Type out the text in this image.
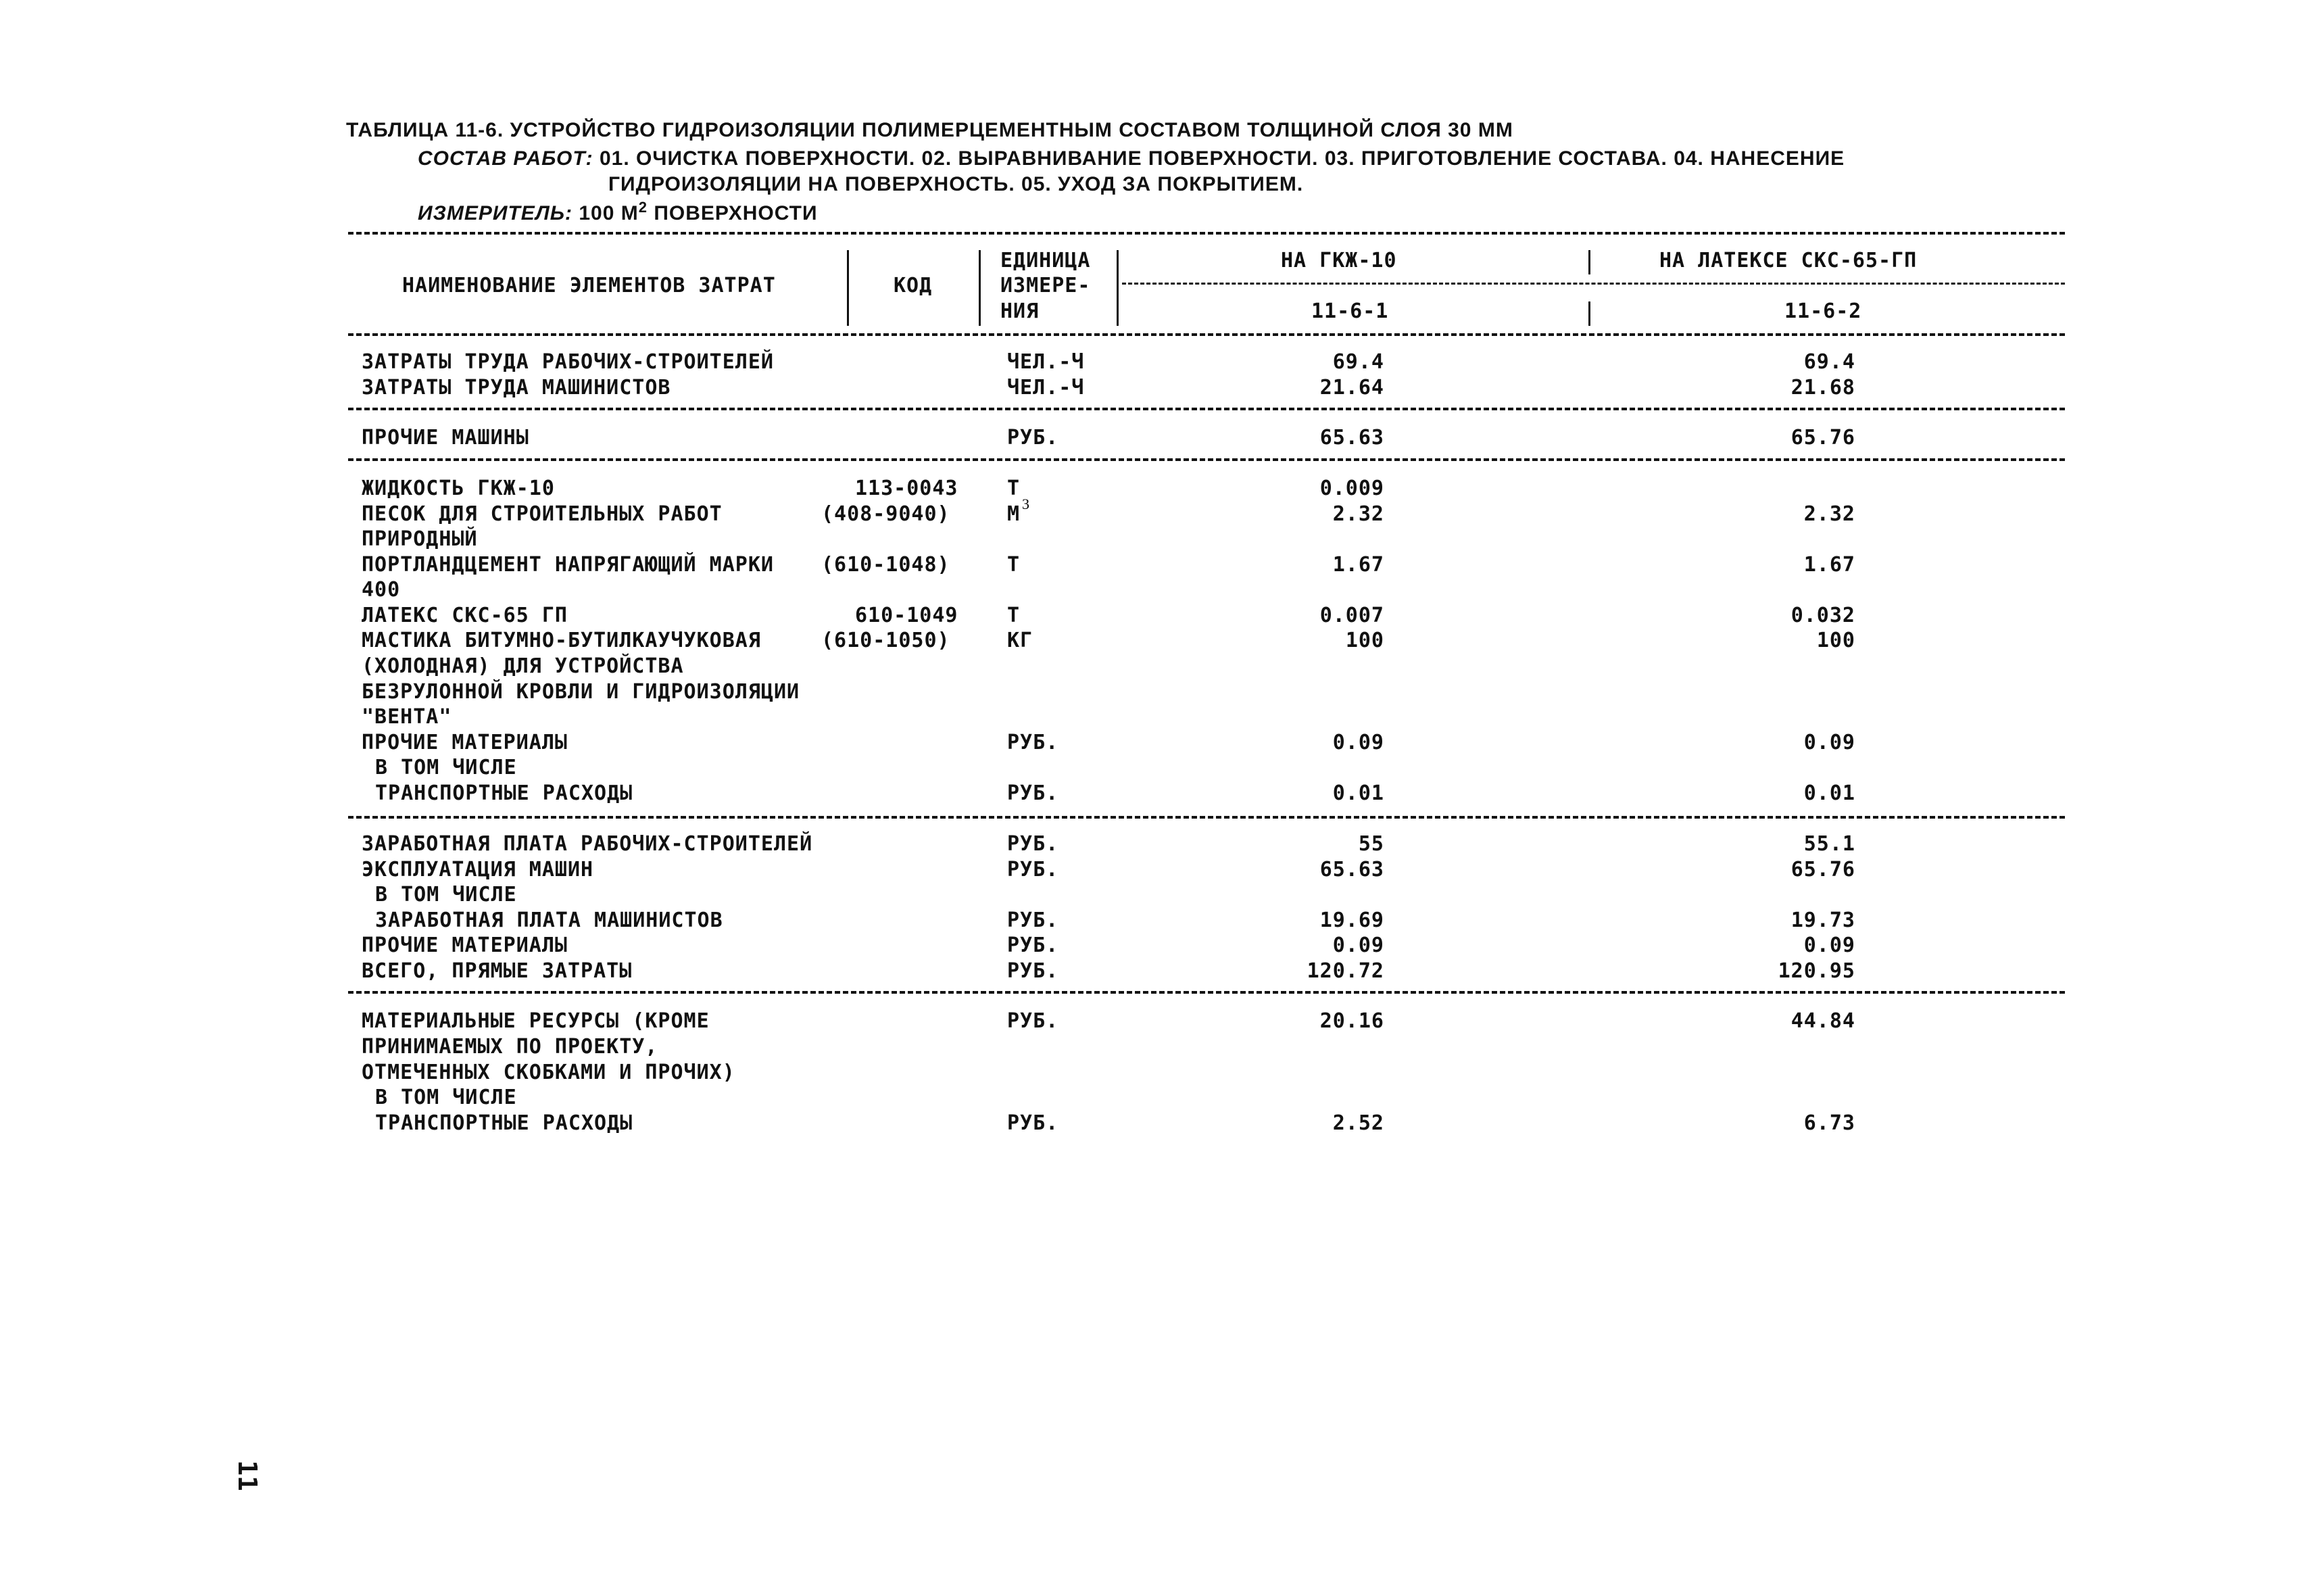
ТАБЛИЦА 11-6. УСТРОЙСТВО ГИДРОИЗОЛЯЦИИ ПОЛИМЕРЦЕМЕНТНЫМ СОСТАВОМ ТОЛЩИНОЙ СЛОЯ 30 ММ
СОСТАВ РАБОТ: 01. ОЧИСТКА ПОВЕРХНОСТИ. 02. ВЫРАВНИВАНИЕ ПОВЕРХНОСТИ. 03. ПРИГОТОВЛЕНИЕ СОСТАВА. 04. НАНЕСЕНИЕ
ГИДРОИЗОЛЯЦИИ НА ПОВЕРХНОСТЬ. 05. УХОД ЗА ПОКРЫТИЕМ.
ИЗМЕРИТЕЛЬ: 100 $М^2$ ПОВЕРХНОСТИ
НАИМЕНОВАНИЕ ЭЛЕМЕНТОВ ЗАТРАТ	КОД
ЕДИНИЦА
ИЗМЕРЕ-
НИЯ
НА ГКЖ-10	НА ЛАТЕКСЕ СКС-65-ГП
11-6-1	11-6-2
ЗАТРАТЫ ТРУДА РАБОЧИХ-СТРОИТЕЛЕЙ	ЧЕЛ.-Ч	69.4	69.4
ЗАТРАТЫ ТРУДА МАШИНИСТОВ	ЧЕЛ.-Ч	21.64	21.68
ПРОЧИЕ МАШИНЫ	РУБ.	65.63	65.76
ЖИДКОСТЬ ГКЖ-10	113-0043 Т	0.009
ПЕСОК ДЛЯ СТРОИТЕЛЬНЫХ РАБОТ	(408-9040)	М 3	2.32	2.32
ПРИРОДНЫЙ
ПОРТЛАНДЦЕМЕНТ НАПРЯГАЮЩИЙ МАРКИ (610-1048)	Т	1.67	1.67
400
ЛАТЕКС СКС-65 ГП	610-1049 Т	0.007	0.032
МАСТИКА БИТУМНО-БУТИЛКАУЧУКОВАЯ	(610-1050)	КГ	100	100
(ХОЛОДНАЯ) ДЛЯ УСТРОЙСТВА
БЕЗРУЛОННОЙ КРОВЛИ И ГИДРОИЗОЛЯЦИИ
"ВЕНТА"
ПРОЧИЕ МАТЕРИАЛЫ	РУБ.	0.09	0.09
В ТОМ ЧИСЛЕ
ТРАНСПОРТНЫЕ РАСХОДЫ	РУБ.	0.01	0.01
ЗАРАБОТНАЯ ПЛАТА РАБОЧИХ-СТРОИТЕЛЕЙ	РУБ.	55	55.1
ЭКСПЛУАТАЦИЯ МАШИН	РУБ.	65.63	65.76
В ТОМ ЧИСЛЕ
ЗАРАБОТНАЯ ПЛАТА МАШИНИСТОВ	РУБ.	19.69	19.73
ПРОЧИЕ МАТЕРИАЛЫ	РУБ.	0.09	0.09
ВСЕГО, ПРЯМЫЕ ЗАТРАТЫ	РУБ.	120.72	120.95
МАТЕРИАЛЬНЫЕ РЕСУРСЫ (КРОМЕ	РУБ.	20.16	44.84
ПРИНИМАЕМЫХ ПО ПРОЕКТУ,
ОТМЕЧЕННЫХ СКОБКАМИ И ПРОЧИХ)
В ТОМ ЧИСЛЕ
ТРАНСПОРТНЫЕ РАСХОДЫ	РУБ.	2.52	6.73
11
